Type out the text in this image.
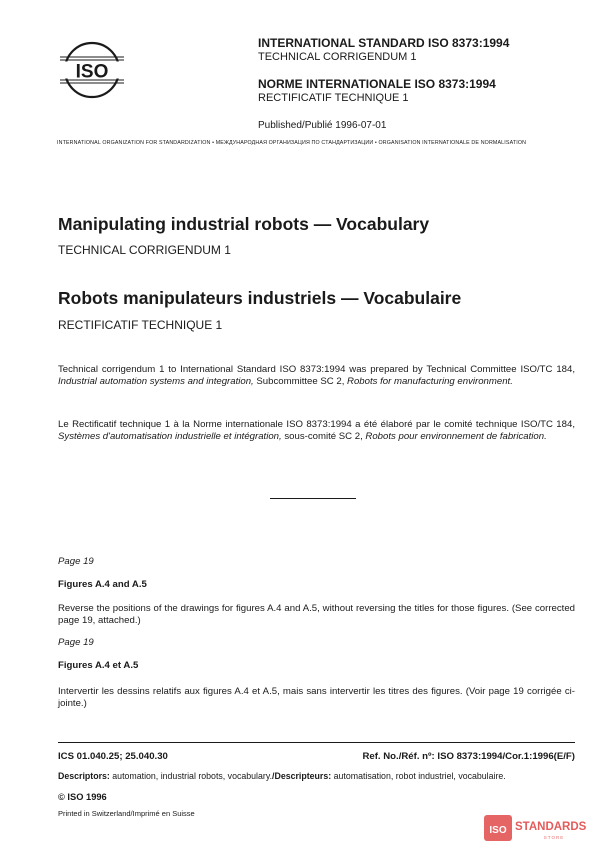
ISO
INTERNATIONAL STANDARD ISO 8373:1994
TECHNICAL CORRIGENDUM 1
NORME INTERNATIONALE ISO 8373:1994
RECTIFICATIF TECHNIQUE 1
Published/Publié 1996-07-01
INTERNATIONAL ORGANIZATION FOR STANDARDIZATION • МЕЖДУНАРОДНАЯ ОРГАНИЗАЦИЯ ПО СТАНДАРТИЗАЦИИ • ORGANISATION INTERNATIONALE DE NORMALISATION
Manipulating industrial robots — Vocabulary
TECHNICAL CORRIGENDUM 1
Robots manipulateurs industriels — Vocabulaire
RECTIFICATIF TECHNIQUE 1
Technical corrigendum 1 to International Standard ISO 8373:1994 was prepared by Technical Committee ISO/TC 184, Industrial automation systems and integration, Subcommittee SC 2, Robots for manufacturing environment.
Le Rectificatif technique 1 à la Norme internationale ISO 8373:1994 a été élaboré par le comité technique ISO/TC 184, Systèmes d'automatisation industrielle et intégration, sous-comité SC 2, Robots pour environnement de fabrication.
Page 19
Figures A.4 and A.5
Reverse the positions of the drawings for figures A.4 and A.5, without reversing the titles for those figures. (See corrected page 19, attached.)
Page 19
Figures A.4 et A.5
Intervertir les dessins relatifs aux figures A.4 et A.5, mais sans intervertir les titres des figures. (Voir page 19 corrigée ci-jointe.)
ICS 01.040.25; 25.040.30	Ref. No./Réf. nº: ISO 8373:1994/Cor.1:1996(E/F)
Descriptors: automation, industrial robots, vocabulary./Descripteurs: automatisation, robot industriel, vocabulaire.
© ISO 1996
Printed in Switzerland/Imprimé en Suisse
ISO STANDARDS
STORE
